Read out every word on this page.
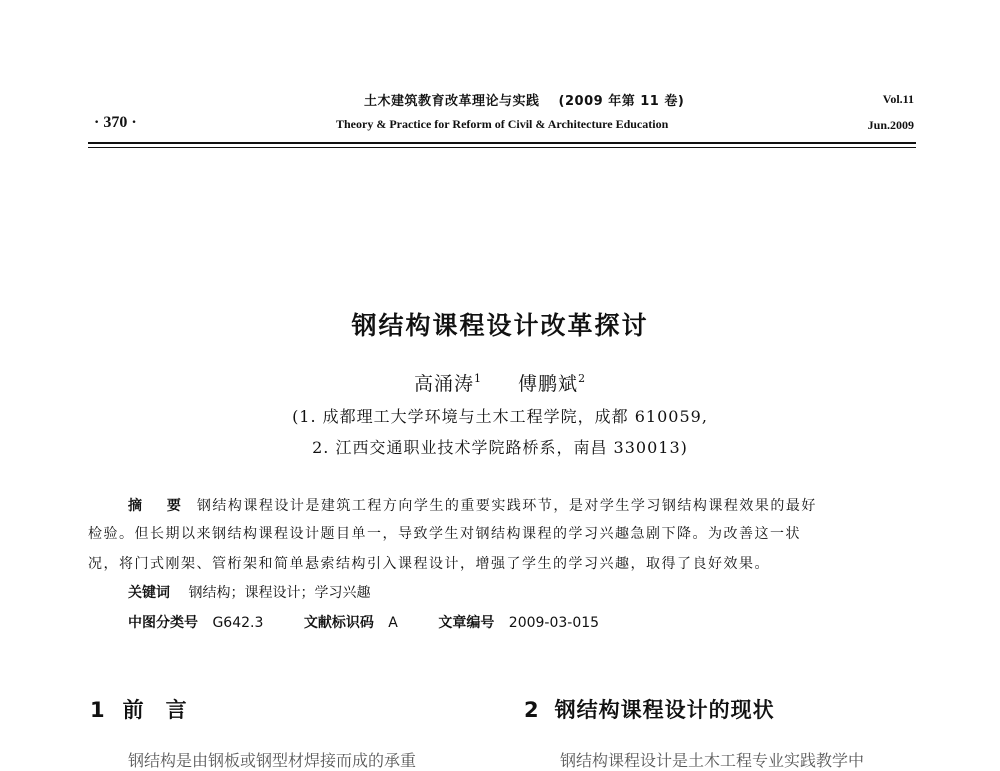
土木建筑教育改革理论与实践 (2009 年第 11 卷)
Theory & Practice for Reform of Civil & Architecture Education
· 370 ·
Vol.11
Jun.2009
钢结构课程设计改革探讨
高涌涛$^1$ 傅鹏斌$^2$
(1. 成都理工大学环境与土木工程学院，成都 610059,
2. 江西交通职业技术学院路桥系，南昌 330013)
摘 要 钢结构课程设计是建筑工程方向学生的重要实践环节，是对学生学习钢结构课程效果的最好
检验。但长期以来钢结构课程设计题目单一，导致学生对钢结构课程的学习兴趣急剧下降。为改善这一状
况，将门式刚架、管桁架和简单悬索结构引入课程设计，增强了学生的学习兴趣，取得了良好效果。
关键词 钢结构；课程设计；学习兴趣
中图分类号 G642.3	文献标识码 A	文章编号 2009-03-015
1 前言	2 钢结构课程设计的现状
钢结构是由钢板或钢型材焊接而成的承重	钢结构课程设计是土木工程专业实践教学中
